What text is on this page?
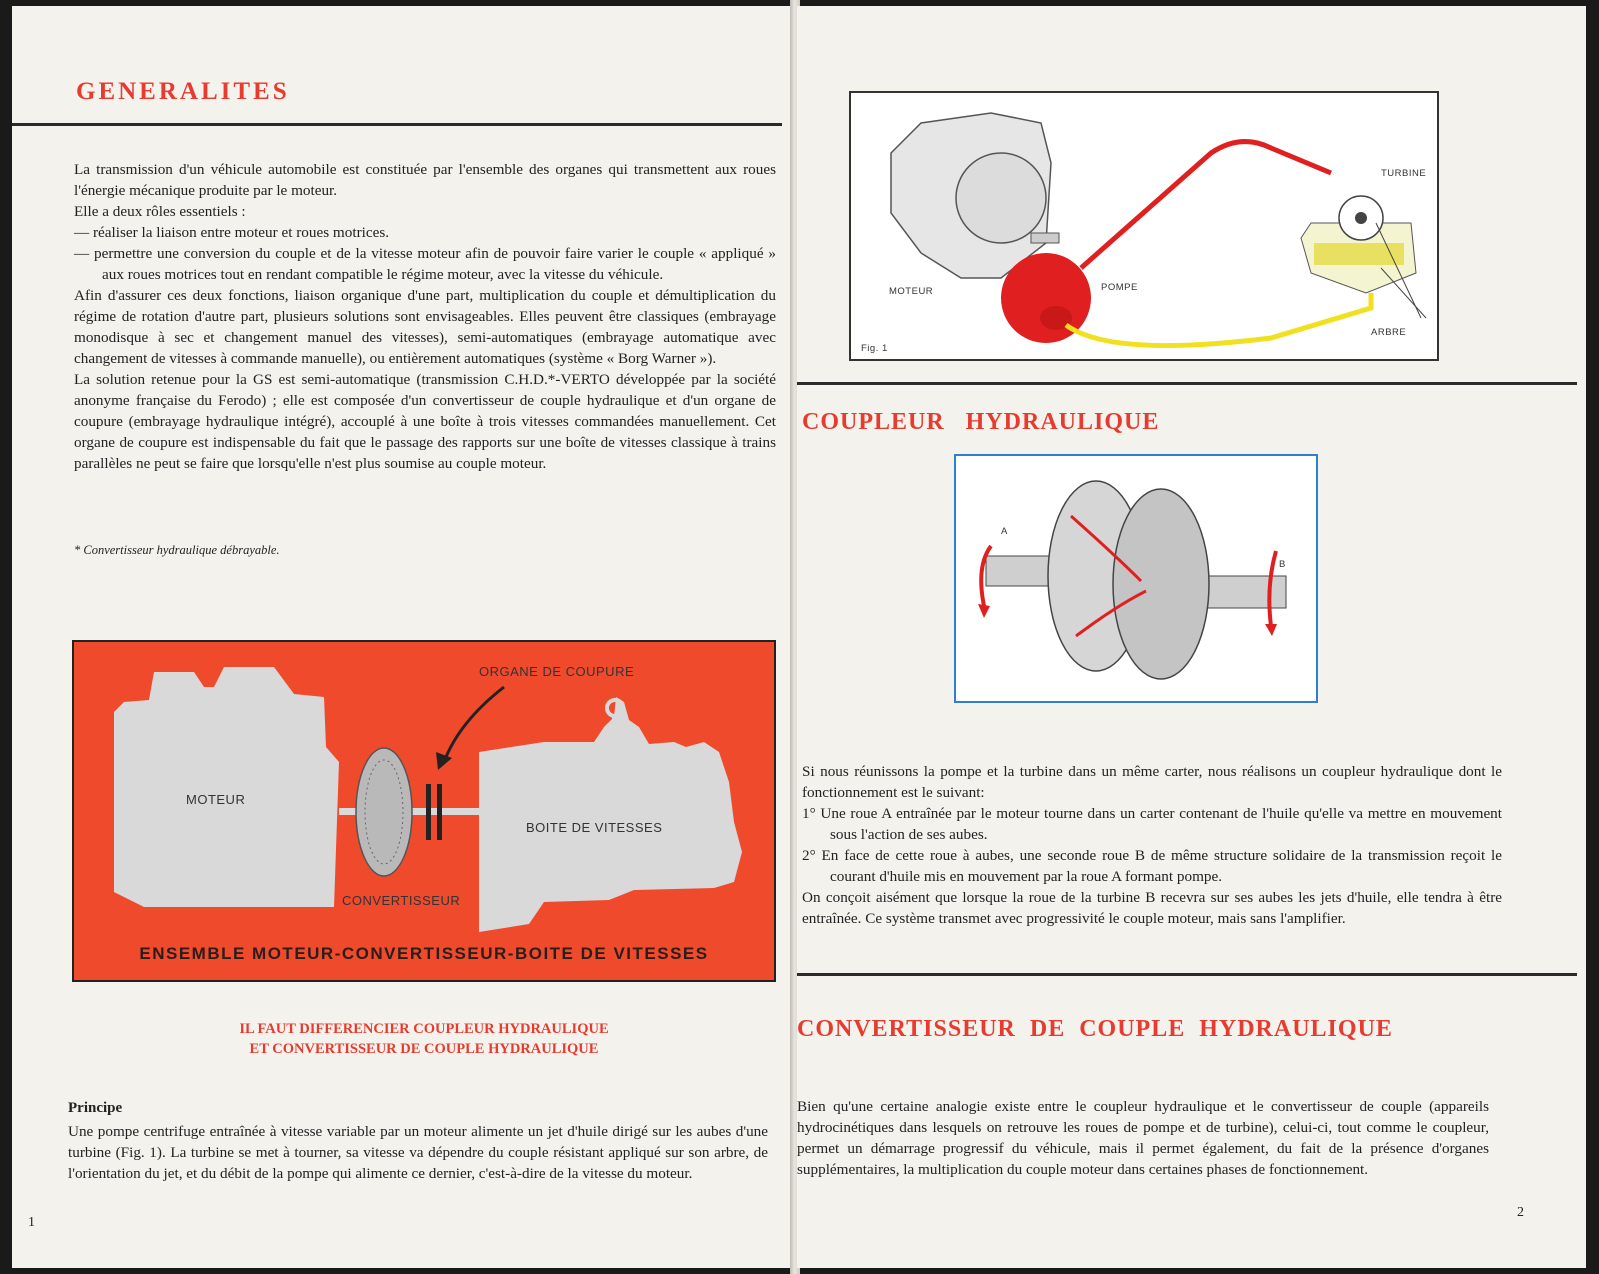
GENERALITES

La transmission d'un véhicule automobile est constituée par l'ensemble des organes qui transmettent aux roues l'énergie mécanique produite par le moteur.

Elle a deux rôles essentiels :

— réaliser la liaison entre moteur et roues motrices.

— permettre une conversion du couple et de la vitesse moteur afin de pouvoir faire varier le couple « appliqué » aux roues motrices tout en rendant compatible le régime moteur, avec la vitesse du véhicule.

Afin d'assurer ces deux fonctions, liaison organique d'une part, multiplication du couple et démultiplication du régime de rotation d'autre part, plusieurs solutions sont envisageables. Elles peuvent être classiques (embrayage monodisque à sec et changement manuel des vitesses), semi-automatiques (embrayage automatique avec changement de vitesses à commande manuelle), ou entièrement automatiques (système « Borg Warner »).

La solution retenue pour la GS est semi-automatique (transmission C.H.D.*-VERTO développée par la société anonyme française du Ferodo) ; elle est composée d'un convertisseur de couple hydraulique et d'un organe de coupure (embrayage hydraulique intégré), accouplé à une boîte à trois vitesses commandées manuellement. Cet organe de coupure est indispensable du fait que le passage des rapports sur une boîte de vitesses classique à trains parallèles ne peut se faire que lorsqu'elle n'est plus soumise au couple moteur.

* Convertisseur hydraulique débrayable.
ORGANE DE COUPURE
MOTEUR
BOITE DE VITESSES
CONVERTISSEUR
ENSEMBLE MOTEUR-CONVERTISSEUR-BOITE DE VITESSES
IL FAUT DIFFERENCIER COUPLEUR HYDRAULIQUE
ET CONVERTISSEUR DE COUPLE HYDRAULIQUE
Principe
Une pompe centrifuge entraînée à vitesse variable par un moteur alimente un jet d'huile dirigé sur les aubes d'une turbine (Fig. 1). La turbine se met à tourner, sa vitesse va dépendre du couple résistant appliqué sur son arbre, de l'orientation du jet, et du débit de la pompe qui alimente ce dernier, c'est-à-dire de la vitesse du moteur.
1
TURBINE
MOTEUR	POMPE
ARBRE
Fig. 1
COUPLEUR   HYDRAULIQUE
A
B

Si nous réunissons la pompe et la turbine dans un même carter, nous réalisons un coupleur hydraulique dont le fonctionnement est le suivant:

1° Une roue A entraînée par le moteur tourne dans un carter contenant de l'huile qu'elle va mettre en mouvement sous l'action de ses aubes.

2° En face de cette roue à aubes, une seconde roue B de même structure solidaire de la transmission reçoit le courant d'huile mis en mouvement par la roue A formant pompe.

On conçoit aisément que lorsque la roue de la turbine B recevra sur ses aubes les jets d'huile, elle tendra à être entraînée. Ce système transmet avec progressivité le couple moteur, mais sans l'amplifier.

CONVERTISSEUR  DE  COUPLE  HYDRAULIQUE
Bien qu'une certaine analogie existe entre le coupleur hydraulique et le convertisseur de couple (appareils hydrocinétiques dans lesquels on retrouve les roues de pompe et de turbine), celui-ci, tout comme le coupleur, permet un démarrage progressif du véhicule, mais il permet également, du fait de la présence d'organes supplémentaires, la multiplication du couple moteur dans certaines phases de fonctionnement.
2
